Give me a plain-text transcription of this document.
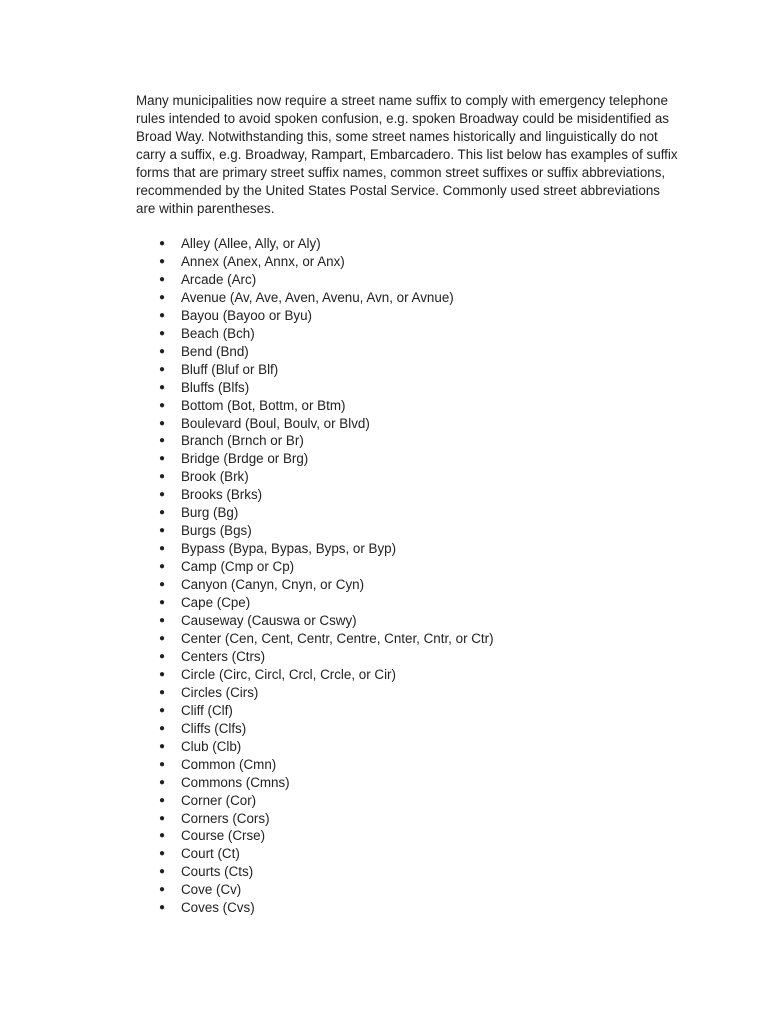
Many municipalities now require a street name suffix to comply with emergency telephone rules intended to avoid spoken confusion, e.g. spoken Broadway could be misidentified as Broad Way. Notwithstanding this, some street names historically and linguistically do not carry a suffix, e.g. Broadway, Rampart, Embarcadero. This list below has examples of suffix forms that are primary street suffix names, common street suffixes or suffix abbreviations, recommended by the United States Postal Service. Commonly used street abbreviations are within parentheses.

● Alley (Allee, Ally, or Aly)
● Annex (Anex, Annx, or Anx)
● Arcade (Arc)
● Avenue (Av, Ave, Aven, Avenu, Avn, or Avnue)
● Bayou (Bayoo or Byu)
● Beach (Bch)
● Bend (Bnd)
● Bluff (Bluf or Blf)
● Bluffs (Blfs)
● Bottom (Bot, Bottm, or Btm)
● Boulevard (Boul, Boulv, or Blvd)
● Branch (Brnch or Br)
● Bridge (Brdge or Brg)
● Brook (Brk)
● Brooks (Brks)
● Burg (Bg)
● Burgs (Bgs)
● Bypass (Bypa, Bypas, Byps, or Byp)
● Camp (Cmp or Cp)
● Canyon (Canyn, Cnyn, or Cyn)
● Cape (Cpe)
● Causeway (Causwa or Cswy)
● Center (Cen, Cent, Centr, Centre, Cnter, Cntr, or Ctr)
● Centers (Ctrs)
● Circle (Circ, Circl, Crcl, Crcle, or Cir)
● Circles (Cirs)
● Cliff (Clf)
● Cliffs (Clfs)
● Club (Clb)
● Common (Cmn)
● Commons (Cmns)
● Corner (Cor)
● Corners (Cors)
● Course (Crse)
● Court (Ct)
● Courts (Cts)
● Cove (Cv)
● Coves (Cvs)
